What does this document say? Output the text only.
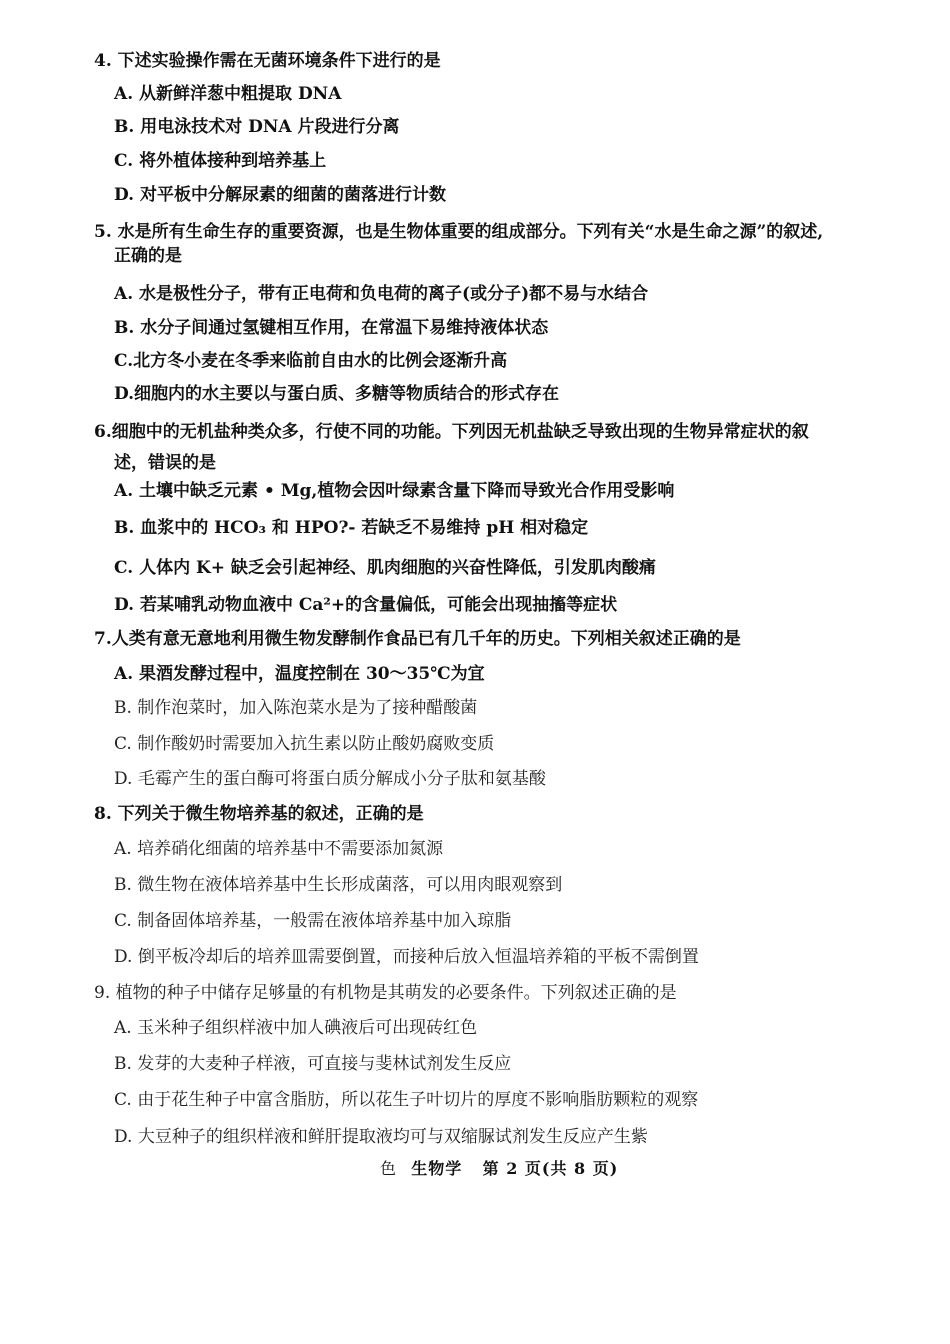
4. 下述实验操作需在无菌环境条件下进行的是
A. 从新鲜洋葱中粗提取 DNA
B. 用电泳技术对 DNA 片段进行分离
C. 将外植体接种到培养基上
D. 对平板中分解尿素的细菌的菌落进行计数
5. 水是所有生命生存的重要资源，也是生物体重要的组成部分。下列有关“水是生命之源”的叙述,
正确的是
A. 水是极性分子，带有正电荷和负电荷的离子(或分子)都不易与水结合
B. 水分子间通过氢键相互作用，在常温下易维持液体状态
C.北方冬小麦在冬季来临前自由水的比例会逐渐升高
D.细胞内的水主要以与蛋白质、多糖等物质结合的形式存在
6.细胞中的无机盐种类众多，行使不同的功能。下列因无机盐缺乏导致出现的生物异常症状的叙
述，错误的是
A. 土壤中缺乏元素 • Mg,植物会因叶绿素含量下降而导致光合作用受影响
B. 血浆中的 HCO₃ 和 HPO?- 若缺乏不易维持 pH 相对稳定
C. 人体内 K+ 缺乏会引起神经、肌肉细胞的兴奋性降低，引发肌肉酸痛
D. 若某哺乳动物血液中 Ca²+的含量偏低，可能会出现抽搐等症状
7.人类有意无意地利用微生物发酵制作食品已有几千年的历史。下列相关叙述正确的是
A. 果酒发酵过程中，温度控制在 30～35℃为宜
B. 制作泡菜时，加入陈泡菜水是为了接种醋酸菌
C. 制作酸奶时需要加入抗生素以防止酸奶腐败变质
D. 毛霉产生的蛋白酶可将蛋白质分解成小分子肽和氨基酸
8. 下列关于微生物培养基的叙述，正确的是
A. 培养硝化细菌的培养基中不需要添加氮源
B. 微生物在液体培养基中生长形成菌落，可以用肉眼观察到
C. 制备固体培养基，一般需在液体培养基中加入琼脂
D. 倒平板冷却后的培养皿需要倒置，而接种后放入恒温培养箱的平板不需倒置
9. 植物的种子中储存足够量的有机物是其萌发的必要条件。下列叙述正确的是
A. 玉米种子组织样液中加人碘液后可出现砖红色
B. 发芽的大麦种子样液，可直接与斐林试剂发生反应
C. 由于花生种子中富含脂肪，所以花生子叶切片的厚度不影响脂肪颗粒的观察
D. 大豆种子的组织样液和鲜肝提取液均可与双缩脲试剂发生反应产生紫
色 生物学 第 2 页(共 8 页)
